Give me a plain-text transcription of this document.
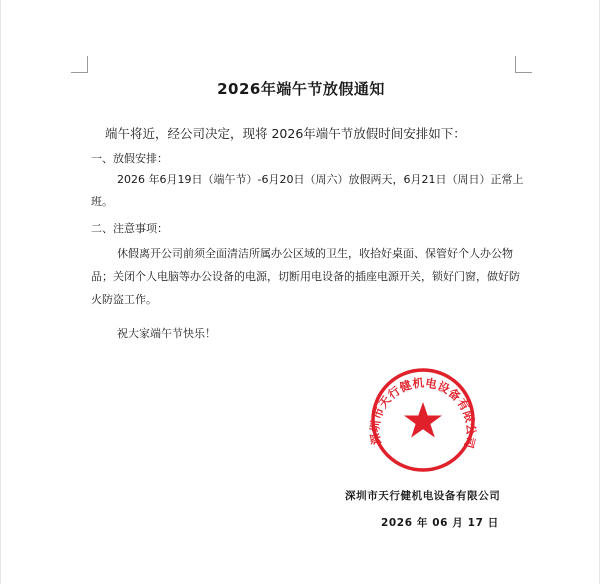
2026年端午节放假通知
端午将近，经公司决定，现将 2026年端午节放假时间安排如下：
一、放假安排：
2026 年6月19日（端午节）-6月20日（周六）放假两天，6月21日（周日）正常上
班。
二、注意事项：
休假离开公司前须全面清洁所属办公区域的卫生，收拾好桌面、保管好个人办公物
品；关闭个人电脑等办公设备的电源，切断用电设备的插座电源开关，锁好门窗，做好防
火防盗工作。
祝大家端午节快乐！
深圳市天行健机电设备有限公司
深圳市天行健机电设备有限公司
2026 年 06 月 17 日
